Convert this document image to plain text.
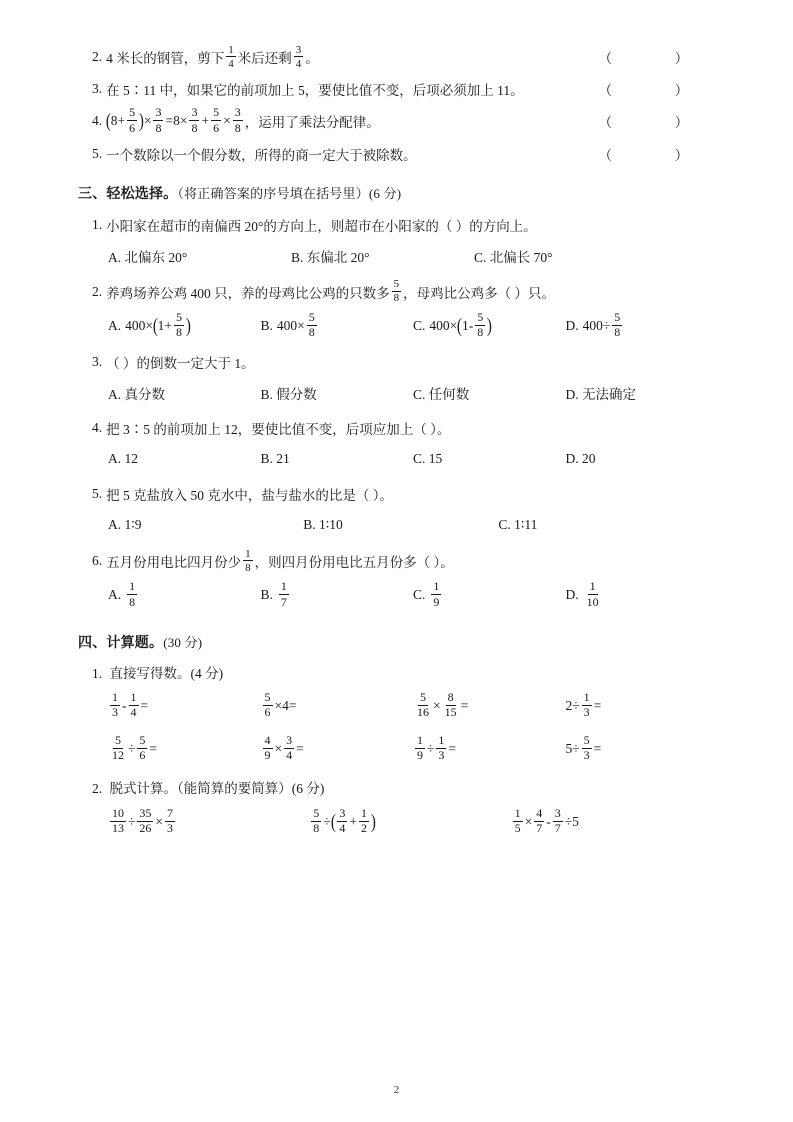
2. 4 米长的钢管，剪下 $\frac{1}{4}$ 米后还剩 $\frac{3}{4}$ 。	（ ）
3. 在 5∶11 中，如果它的前项加上 5，要使比值不变，后项必须加上 11。	（ ）
4. ( $8+ \frac{5}{6}$ ) × $\frac{3}{8} =8\times \frac{3}{8} + \frac{5}{6} \times \frac{3}{8}$ ，运用了乘法分配律。	（ ）
5. 一个数除以一个假分数，所得的商一定大于被除数。	（ ）
三、轻松选择。（将正确答案的序号填在括号里）(6 分)
1. 小阳家在超市的南偏西 20°的方向上，则超市在小阳家的（ ）的方向上。
A. 北偏东 20°	B. 东偏北 20°	C. 北偏长 70°
2. 养鸡场养公鸡 400 只，养的母鸡比公鸡的只数多 $\frac{5}{8}$ ，母鸡比公鸡多（ ）只。
A. 400× ( $1+ \frac{5}{8}$ )	B. $400\times \frac{5}{8}$	C. 400× ( $1- \frac{5}{8}$ )	D. $400\div \frac{5}{8}$
3. （ ）的倒数一定大于 1。
A. 真分数	B. 假分数	C. 任何数	D. 无法确定
4. 把 3∶5 的前项加上 12，要使比值不变，后项应加上（ ）。
A. 12	B. 21	C. 15	D. 20
5. 把 5 克盐放入 50 克水中，盐与盐水的比是（ ）。
A. 1∶9	B. 1∶10	C. 1∶11
6. 五月份用电比四月份少 $\frac{1}{8}$ ，则四月份用电比五月份多（ ）。
A. $\frac{1}{8}$	B. $\frac{1}{7}$	C. $\frac{1}{9}$	D. $\frac{1}{10}$
四、计算题。(30 分)
1. 直接写得数。(4 分)
$\frac{1}{3} - \frac{1}{4}$ =	$\frac{5}{6} \times 4=$	$\frac{5}{16} \times \frac{8}{15}$ =	$2\div \frac{1}{3}$ =
$\frac{5}{12} \div \frac{5}{6}$ =	$\frac{4}{9} \times \frac{3}{4}$ =	$\frac{1}{9} \div \frac{1}{3}$ =	$5\div \frac{5}{3}$ =
2. 脱式计算。（能简算的要简算）(6 分)
$\frac{10}{13} \div \frac{35}{26} \times \frac{7}{3}$	$\frac{5}{8}$ ÷ ( $\frac{3}{4} + \frac{1}{2}$ )	$\frac{1}{5} \times \frac{4}{7} - \frac{3}{7} \div 5$
2
